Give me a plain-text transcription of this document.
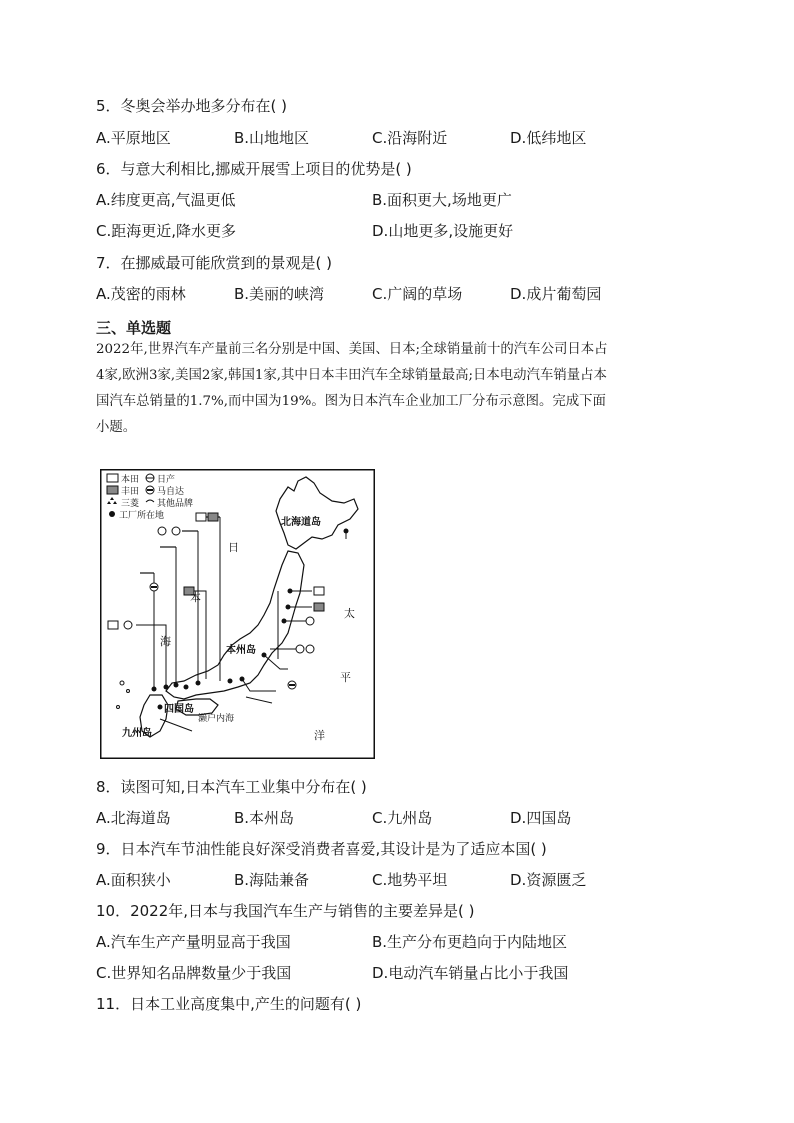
5．冬奥会举办地多分布在( )
A.平原地区	B.山地地区	C.沿海附近	D.低纬地区
6．与意大利相比,挪威开展雪上项目的优势是( )
A.纬度更高,气温更低	B.面积更大,场地更广
C.距海更近,降水更多	D.山地更多,设施更好
7．在挪威最可能欣赏到的景观是( )
A.茂密的雨林	B.美丽的峡湾	C.广阔的草场	D.成片葡萄园
三、单选题
2022年,世界汽车产量前三名分别是中国、美国、日本;全球销量前十的汽车公司日本占
4家,欧洲3家,美国2家,韩国1家,其中日本丰田汽车全球销量最高;日本电动汽车销量占本
国汽车总销量的1.7%,而中国为19%。图为日本汽车企业加工厂分布示意图。完成下面
小题。
本田 日产
丰田 马自达
三菱 其他品牌
工厂所在地
北海道岛
本州岛
四国岛
九州岛
濑户内海
日
本
海
太
平
洋
8．读图可知,日本汽车工业集中分布在( )
A.北海道岛	B.本州岛	C.九州岛	D.四国岛
9．日本汽车节油性能良好深受消费者喜爱,其设计是为了适应本国( )
A.面积狭小	B.海陆兼备	C.地势平坦	D.资源匮乏
10．2022年,日本与我国汽车生产与销售的主要差异是( )
A.汽车生产产量明显高于我国	B.生产分布更趋向于内陆地区
C.世界知名品牌数量少于我国	D.电动汽车销量占比小于我国
11．日本工业高度集中,产生的问题有( )
